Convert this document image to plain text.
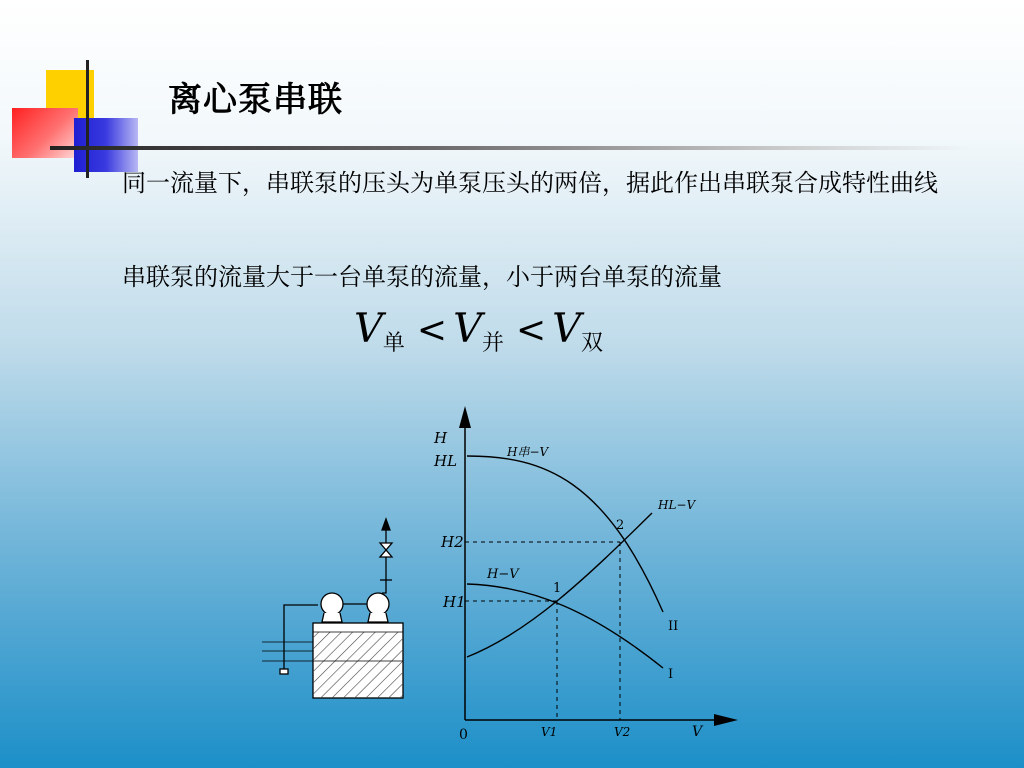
离心泵串联
同一流量下，串联泵的压头为单泵压头的两倍，据此作出串联泵合成特性曲线
串联泵的流量大于一台单泵的流量，小于两台单泵的流量
V单 < V并 < V双
H
HL	H串−V
HL−V
H−V
H2
H1
2
1
II
I
0	V1	V2	V
